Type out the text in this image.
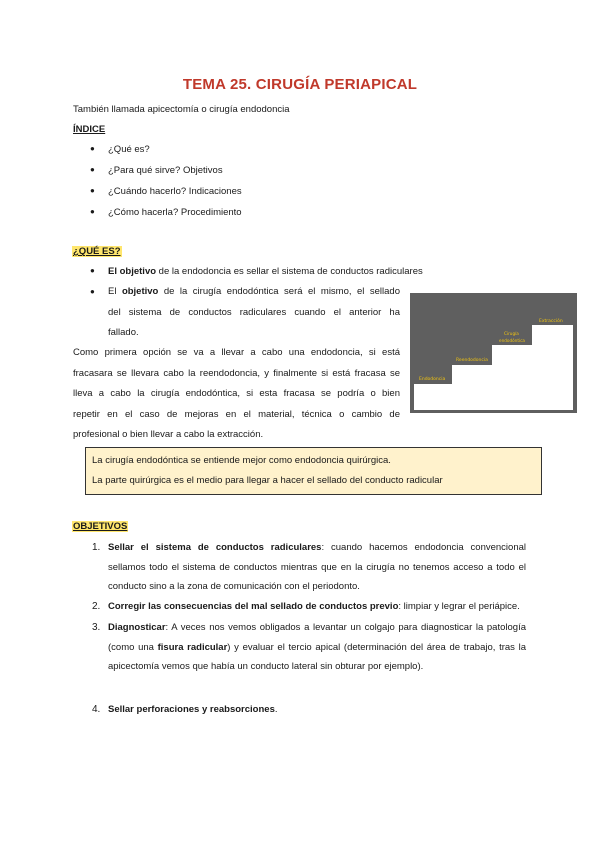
TEMA 25. CIRUGÍA PERIAPICAL
También llamada apicectomía o cirugía endodoncia
ÍNDICE
● ¿Qué es?
● ¿Para qué sirve? Objetivos
● ¿Cuándo hacerlo? Indicaciones
● ¿Cómo hacerla? Procedimiento
¿QUÉ ES?
● El objetivo de la endodoncia es sellar el sistema de conductos radiculares
● El objetivo de la cirugía endodóntica será el mismo, el sellado
del sistema de conductos radiculares cuando el anterior ha
fallado.
Como primera opción se va a llevar a cabo una endodoncia, si está
fracasara se llevara cabo la reendodoncia, y finalmente si está fracasa se
lleva a cabo la cirugía endodóntica, si esta fracasa se podría o bien
repetir en el caso de mejoras en el material, técnica o cambio de
profesional o bien llevar a cabo la extracción.
Endodoncia
Reendodoncia
Cirugía
endodóntica
Extracción
La cirugía endodóntica se entiende mejor como endodoncia quirúrgica.
La parte quirúrgica es el medio para llegar a hacer el sellado del conducto radicular
OBJETIVOS
1. Sellar el sistema de conductos radiculares: cuando hacemos endodoncia convencional sellamos todo el sistema de conductos mientras que en la cirugía no tenemos acceso a todo el conducto sino a la zona de comunicación con el periodonto.
2. Corregir las consecuencias del mal sellado de conductos previo: limpiar y legrar el periápice.
3. Diagnosticar: A veces nos vemos obligados a levantar un colgajo para diagnosticar la patología (como una fisura radicular) y evaluar el tercio apical (determinación del área de trabajo, tras la apicectomía vemos que había un conducto lateral sin obturar por ejemplo).
4. Sellar perforaciones y reabsorciones.
